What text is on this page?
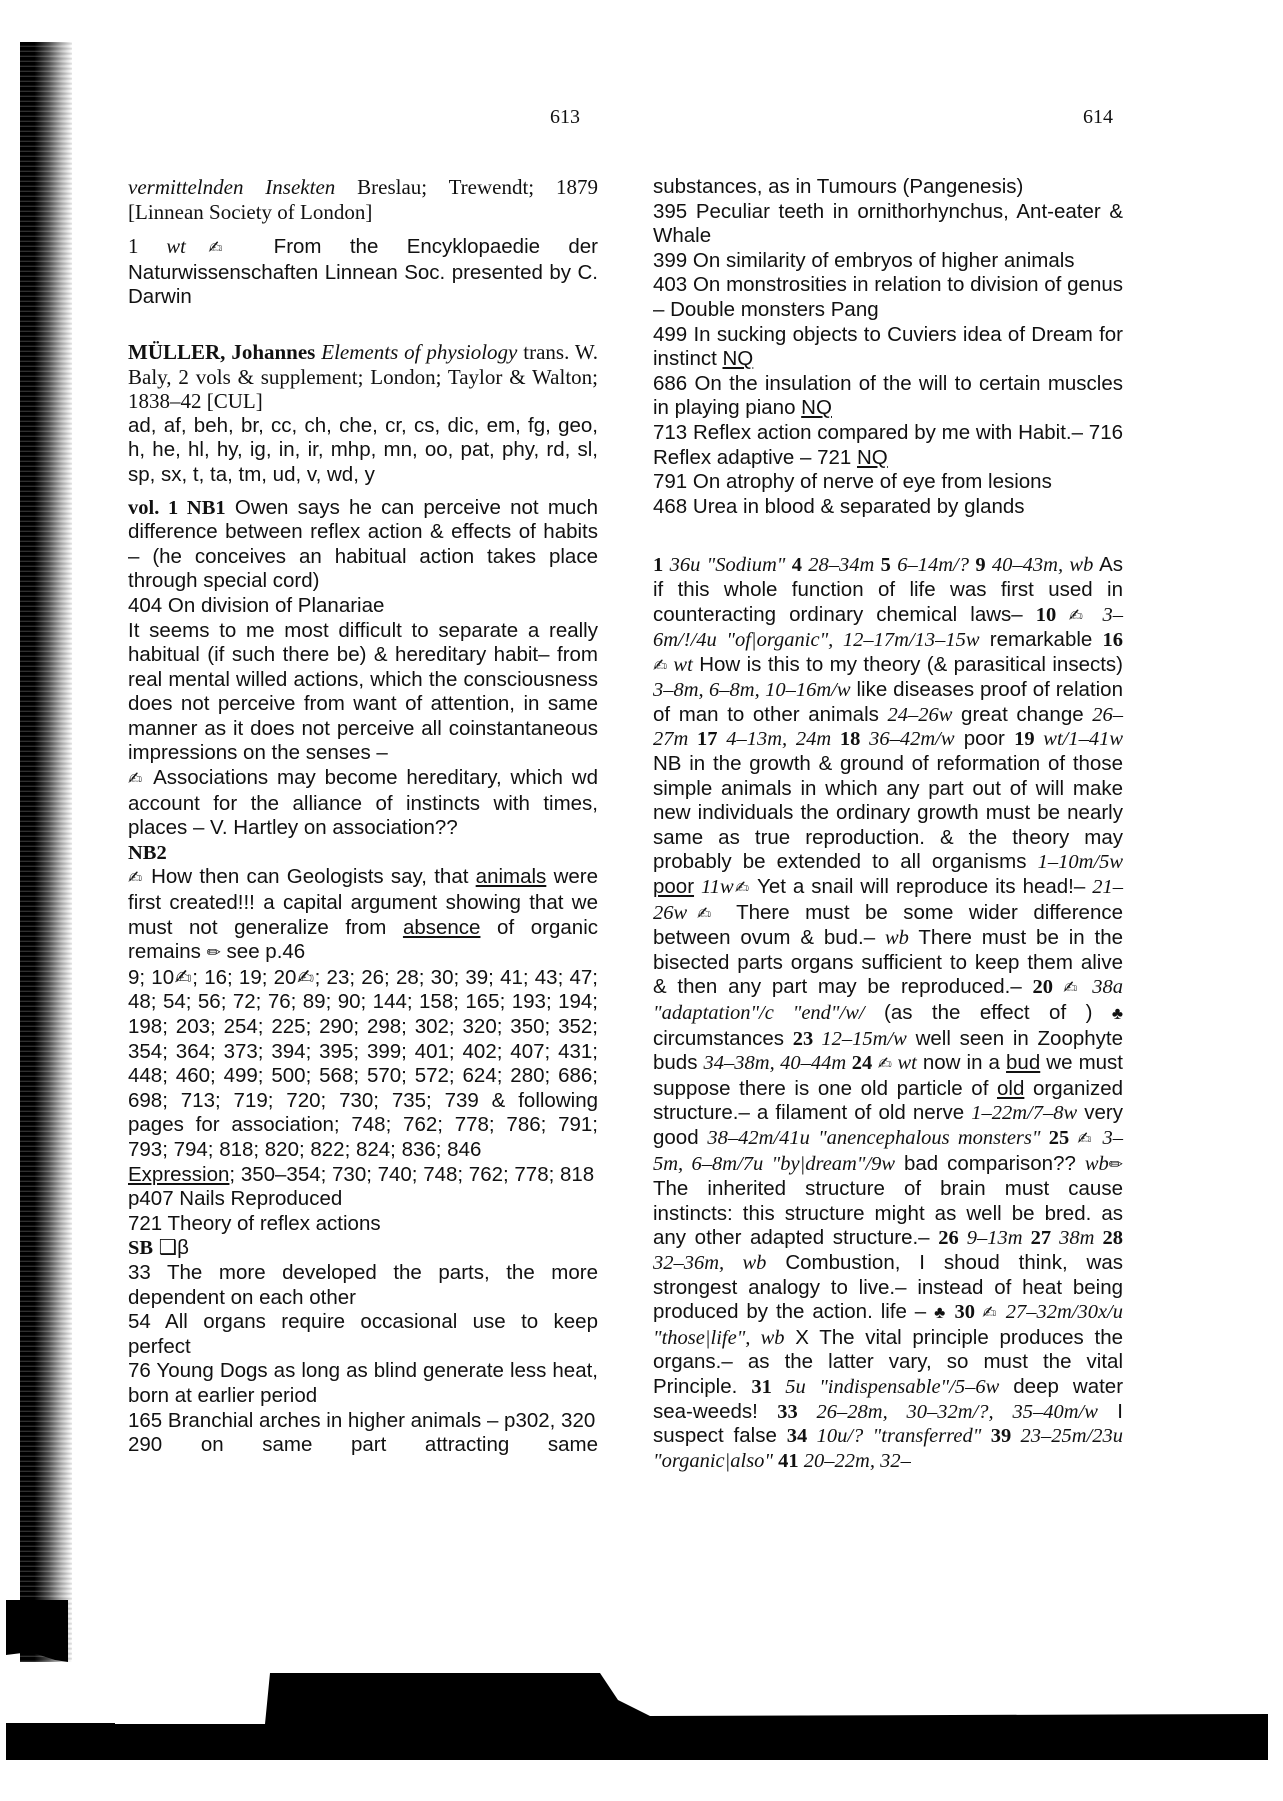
613	614

vermittelnden Insekten Breslau; Trewendt; 1879 [Linnean Society of London]

1 wt✍ From the Encyklopaedie der Naturwissenschaften Linnean Soc. presented by C. Darwin

MÜLLER, Johannes Elements of physiology trans. W. Baly, 2 vols & supplement; London; Taylor & Walton; 1838–42 [CUL]

ad, af, beh, br, cc, ch, che, cr, cs, dic, em, fg, geo, h, he, hl, hy, ig, in, ir, mhp, mn, oo, pat, phy, rd, sl, sp, sx, t, ta, tm, ud, v, wd, y

vol. 1 NB1 Owen says he can perceive not much difference between reflex action & effects of habits – (he conceives an habitual action takes place through special cord)

404 On division of Planariae

It seems to me most difficult to separate a really habitual (if such there be) & hereditary habit– from real mental willed actions, which the consciousness does not perceive from want of attention, in same manner as it does not perceive all coinstantaneous impressions on the senses –

✍ Associations may become hereditary, which wd account for the alliance of instincts with times, places – V. Hartley on association??

NB2

✍ How then can Geologists say, that animals were first created!!! a capital argument showing that we must not generalize from absence of organic remains ✏ see p.46

9; 10✍; 16; 19; 20✍; 23; 26; 28; 30; 39; 41; 43; 47; 48; 54; 56; 72; 76; 89; 90; 144; 158; 165; 193; 194; 198; 203; 254; 225; 290; 298; 302; 320; 350; 352; 354; 364; 373; 394; 395; 399; 401; 402; 407; 431; 448; 460; 499; 500; 568; 570; 572; 624; 280; 686; 698; 713; 719; 720; 730; 735; 739 & following pages for association; 748; 762; 778; 786; 791; 793; 794; 818; 820; 822; 824; 836; 846

Expression; 350–354; 730; 740; 748; 762; 778; 818

p407 Nails Reproduced

721 Theory of reflex actions

SB ❑β

33 The more developed the parts, the more dependent on each other

54 All organs require occasional use to keep perfect

76 Young Dogs as long as blind generate less heat, born at earlier period

165 Branchial arches in higher animals – p302, 320

290 on same part attracting same

substances, as in Tumours (Pangenesis)

395 Peculiar teeth in ornithorhynchus, Ant-eater & Whale

399 On similarity of embryos of higher animals

403 On monstrosities in relation to division of genus – Double monsters Pang

499 In sucking objects to Cuviers idea of Dream for instinct NQ

686 On the insulation of the will to certain muscles in playing piano NQ

713 Reflex action compared by me with Habit.– 716 Reflex adaptive – 721 NQ

791 On atrophy of nerve of eye from lesions

468 Urea in blood & separated by glands

1 36u "Sodium" 4 28–34m 5 6–14m/? 9 40–43m, wb As if this whole function of life was first used in counteracting ordinary chemical laws– 10 ✍ 3–6m/!/4u "of|organic", 12–17m/13–15w remarkable 16 ✍ wt How is this to my theory (& parasitical insects) 3–8m, 6–8m, 10–16m/w like diseases proof of relation of man to other animals 24–26w great change 26–27m 17 4–13m, 24m 18 36–42m/w poor 19 wt/1–41w NB in the growth & ground of reformation of those simple animals in which any part out of will make new individuals the ordinary growth must be nearly same as true reproduction. & the theory may probably be extended to all organisms 1–10m/5w poor 11w✍ Yet a snail will reproduce its head!– 21–26w✍ There must be some wider difference between ovum & bud.– wb There must be in the bisected parts organs sufficient to keep them alive & then any part may be reproduced.– 20 ✍ 38a "adaptation"/c "end"/w/ (as the effect of ) ♣ circumstances 23 12–15m/w well seen in Zoophyte buds 34–38m, 40–44m 24 ✍ wt now in a bud we must suppose there is one old particle of old organized structure.– a filament of old nerve 1–22m/7–8w very good 38–42m/41u "anencephalous monsters" 25 ✍ 3–5m, 6–8m/7u "by|dream"/9w bad comparison?? wb✏ The inherited structure of brain must cause instincts: this structure might as well be bred. as any other adapted structure.– 26 9–13m 27 38m 28 32–36m, wb Combustion, I shoud think, was strongest analogy to live.– instead of heat being produced by the action. life – ♣ 30 ✍ 27–32m/30x/u "those|life", wb X The vital principle produces the organs.– as the latter vary, so must the vital Principle. 31 5u "indispensable"/5–6w deep water sea-weeds! 33 26–28m, 30–32m/?, 35–40m/w I suspect false 34 10u/? "transferred" 39 23–25m/23u "organic|also" 41 20–22m, 32–
